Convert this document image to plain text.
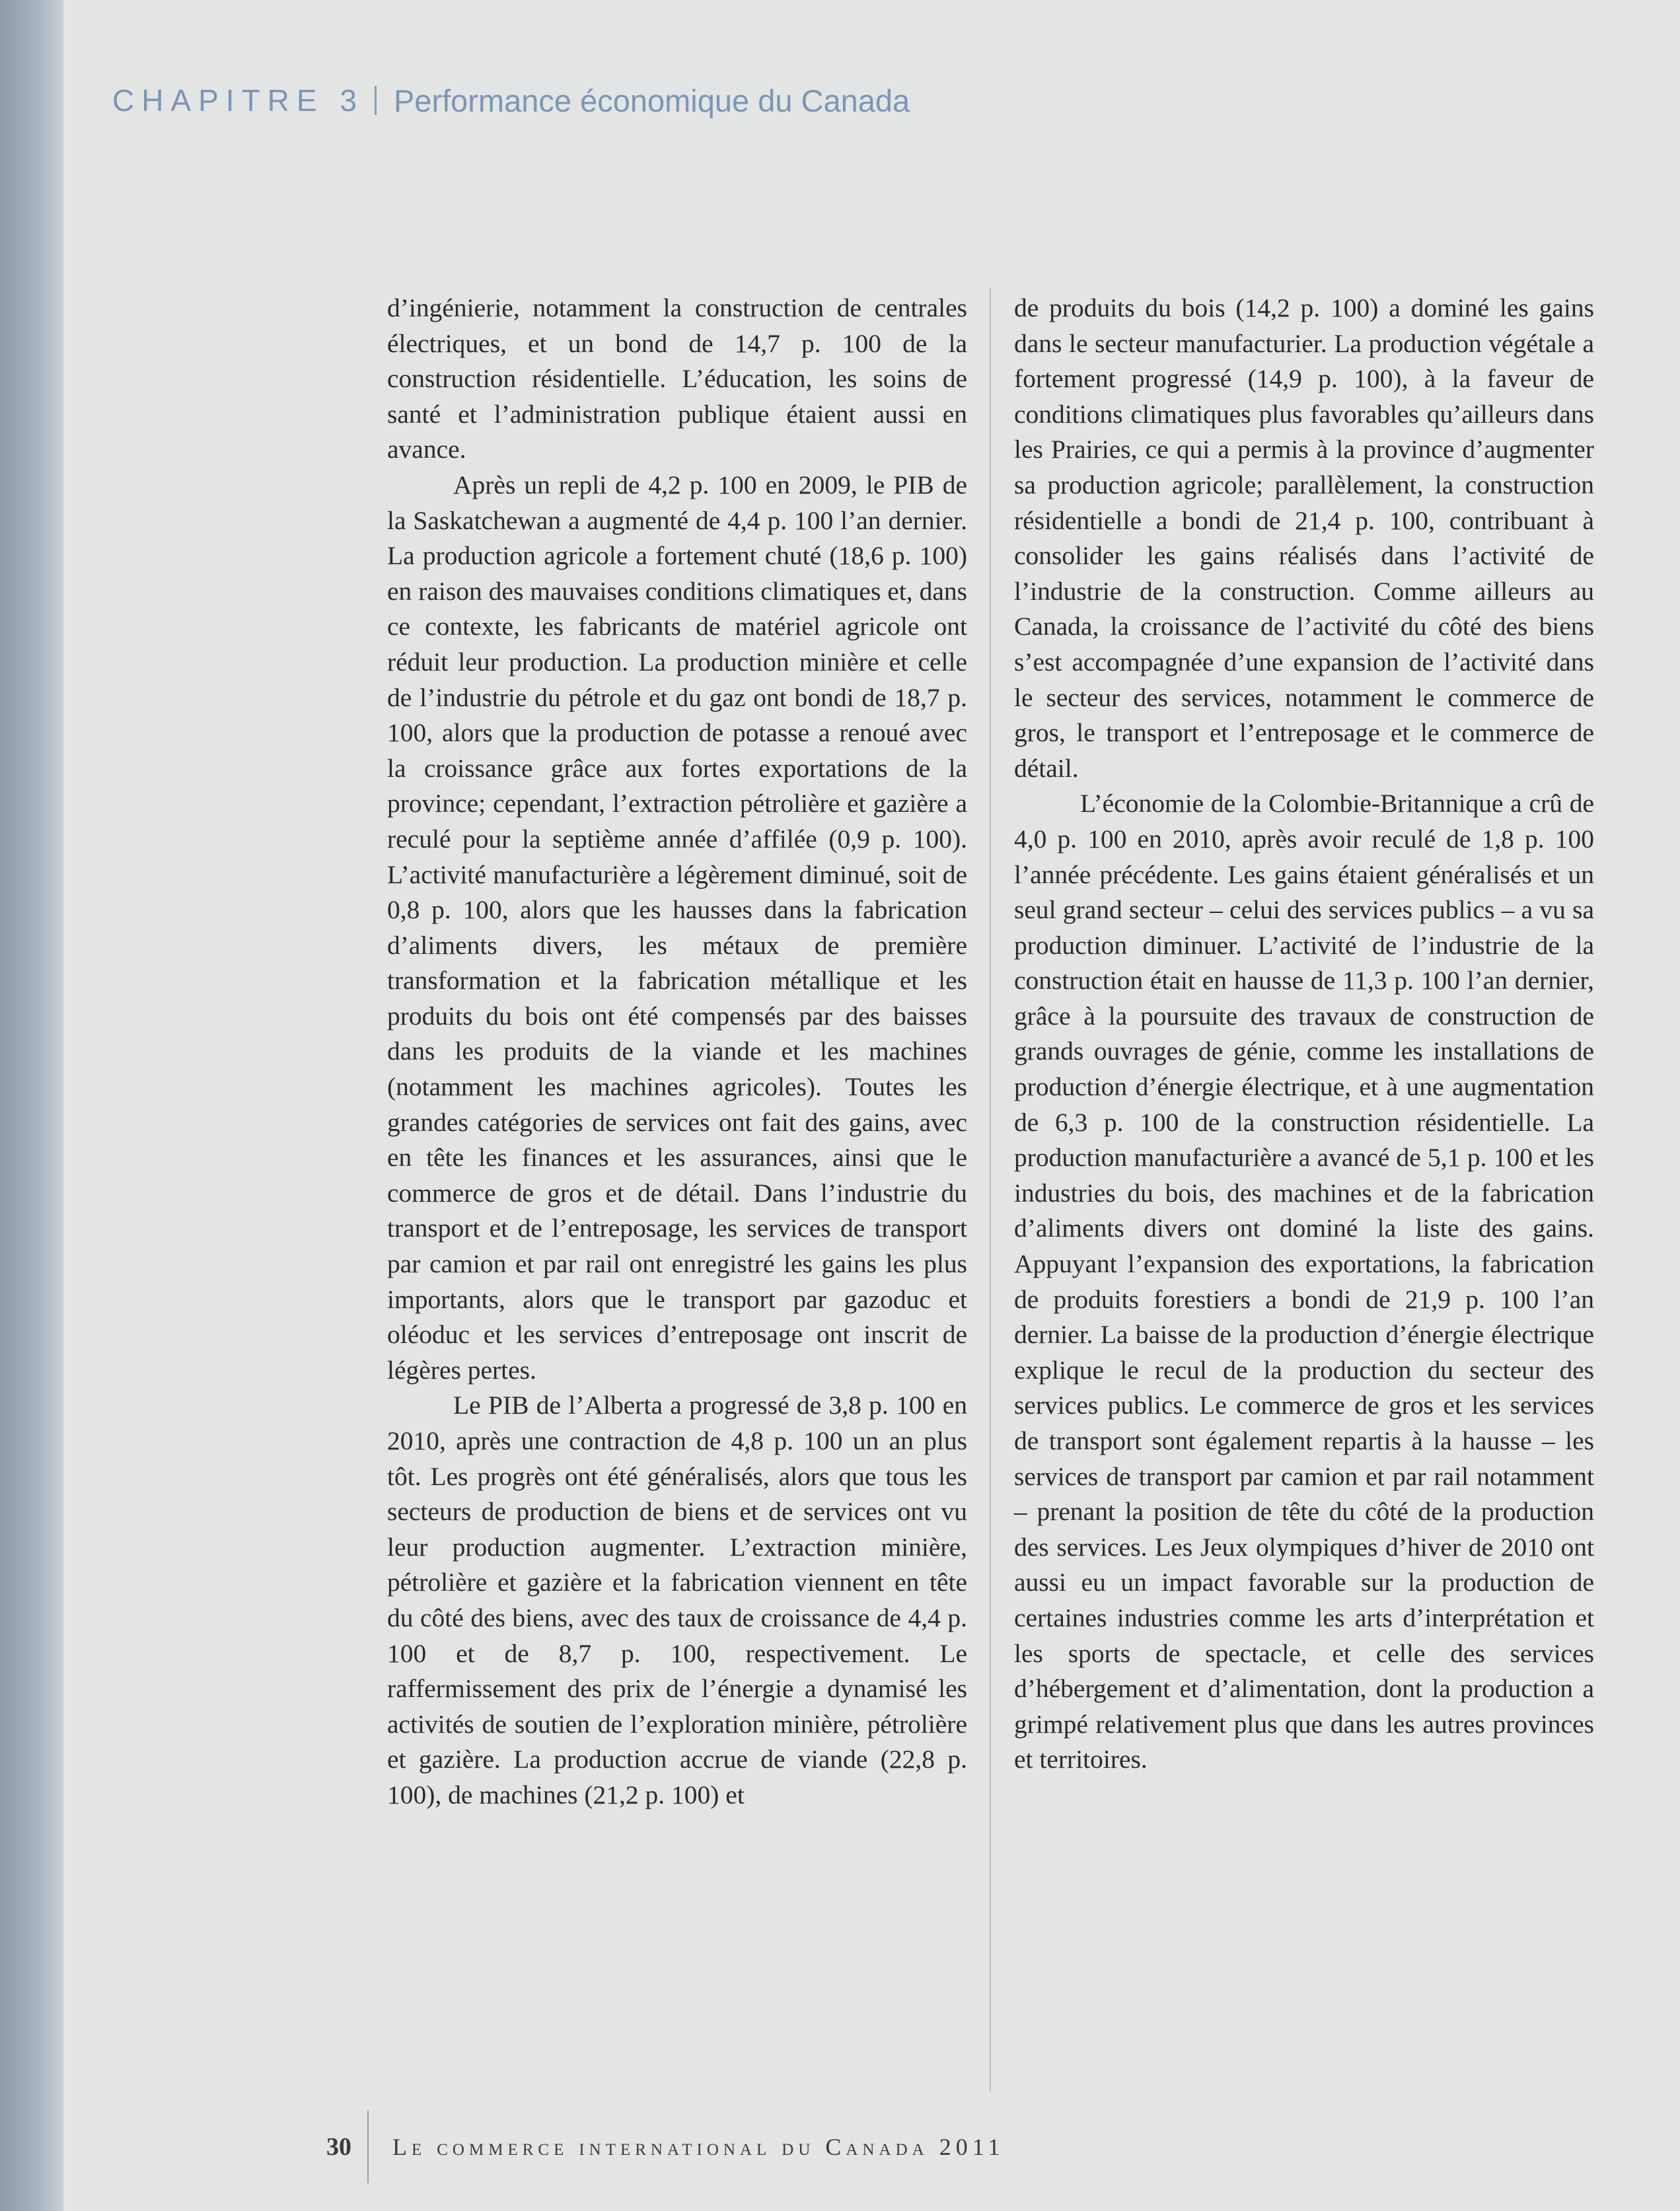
CHAPITRE 3 Performance économique du Canada

d’ingénierie, notamment la construction de centrales électriques, et un bond de 14,7 p. 100 de la construction résidentielle. L’éducation, les soins de santé et l’administration publique étaient aussi en avance.

Après un repli de 4,2 p. 100 en 2009, le PIB de la Saskatchewan a augmenté de 4,4 p. 100 l’an dernier. La production agricole a fortement chuté (18,6 p. 100) en raison des mauvaises conditions climatiques et, dans ce contexte, les fabricants de matériel agricole ont réduit leur production. La production minière et celle de l’industrie du pétrole et du gaz ont bondi de 18,7 p. 100, alors que la production de potasse a renoué avec la croissance grâce aux fortes exportations de la province; cependant, l’extraction pétrolière et gazière a reculé pour la septième année d’affilée (0,9 p. 100). L’activité manufacturière a légèrement diminué, soit de 0,8 p. 100, alors que les hausses dans la fabrication d’aliments divers, les métaux de première transformation et la fabrication métallique et les produits du bois ont été compensés par des baisses dans les produits de la viande et les machines (notamment les machines agricoles). Toutes les grandes catégories de services ont fait des gains, avec en tête les finances et les assurances, ainsi que le commerce de gros et de détail. Dans l’industrie du transport et de l’entreposage, les services de transport par camion et par rail ont enregistré les gains les plus importants, alors que le transport par gazoduc et oléoduc et les services d’entreposage ont inscrit de légères pertes.

Le PIB de l’Alberta a progressé de 3,8 p. 100 en 2010, après une contraction de 4,8 p. 100 un an plus tôt. Les progrès ont été généralisés, alors que tous les secteurs de production de biens et de services ont vu leur production augmenter. L’extraction minière, pétrolière et gazière et la fabrication viennent en tête du côté des biens, avec des taux de croissance de 4,4 p. 100 et de 8,7 p. 100, respectivement. Le raffermissement des prix de l’énergie a dynamisé les activités de soutien de l’exploration minière, pétrolière et gazière. La production accrue de viande (22,8 p. 100), de machines (21,2 p. 100) et

de produits du bois (14,2 p. 100) a dominé les gains dans le secteur manufacturier. La production végétale a fortement progressé (14,9 p. 100), à la faveur de conditions climatiques plus favorables qu’ailleurs dans les Prairies, ce qui a permis à la province d’augmenter sa production agricole; parallèlement, la construction résidentielle a bondi de 21,4 p. 100, contribuant à consolider les gains réalisés dans l’activité de l’industrie de la construction. Comme ailleurs au Canada, la croissance de l’activité du côté des biens s’est accompagnée d’une expansion de l’activité dans le secteur des services, notamment le commerce de gros, le transport et l’entreposage et le commerce de détail.

L’économie de la Colombie-Britannique a crû de 4,0 p. 100 en 2010, après avoir reculé de 1,8 p. 100 l’année précédente. Les gains étaient généralisés et un seul grand secteur – celui des services publics – a vu sa production diminuer. L’activité de l’industrie de la construction était en hausse de 11,3 p. 100 l’an dernier, grâce à la poursuite des travaux de construction de grands ouvrages de génie, comme les installations de production d’énergie électrique, et à une augmentation de 6,3 p. 100 de la construction résidentielle. La production manufacturière a avancé de 5,1 p. 100 et les industries du bois, des machines et de la fabrication d’aliments divers ont dominé la liste des gains. Appuyant l’expansion des exportations, la fabrication de produits forestiers a bondi de 21,9 p. 100 l’an dernier. La baisse de la production d’énergie électrique explique le recul de la production du secteur des services publics. Le commerce de gros et les services de transport sont également repartis à la hausse – les services de transport par camion et par rail notamment – prenant la position de tête du côté de la production des services. Les Jeux olympiques d’hiver de 2010 ont aussi eu un impact favorable sur la production de certaines industries comme les arts d’interprétation et les sports de spectacle, et celle des services d’hébergement et d’alimentation, dont la production a grimpé relativement plus que dans les autres provinces et territoires.

30 Le commerce international du Canada 2011
